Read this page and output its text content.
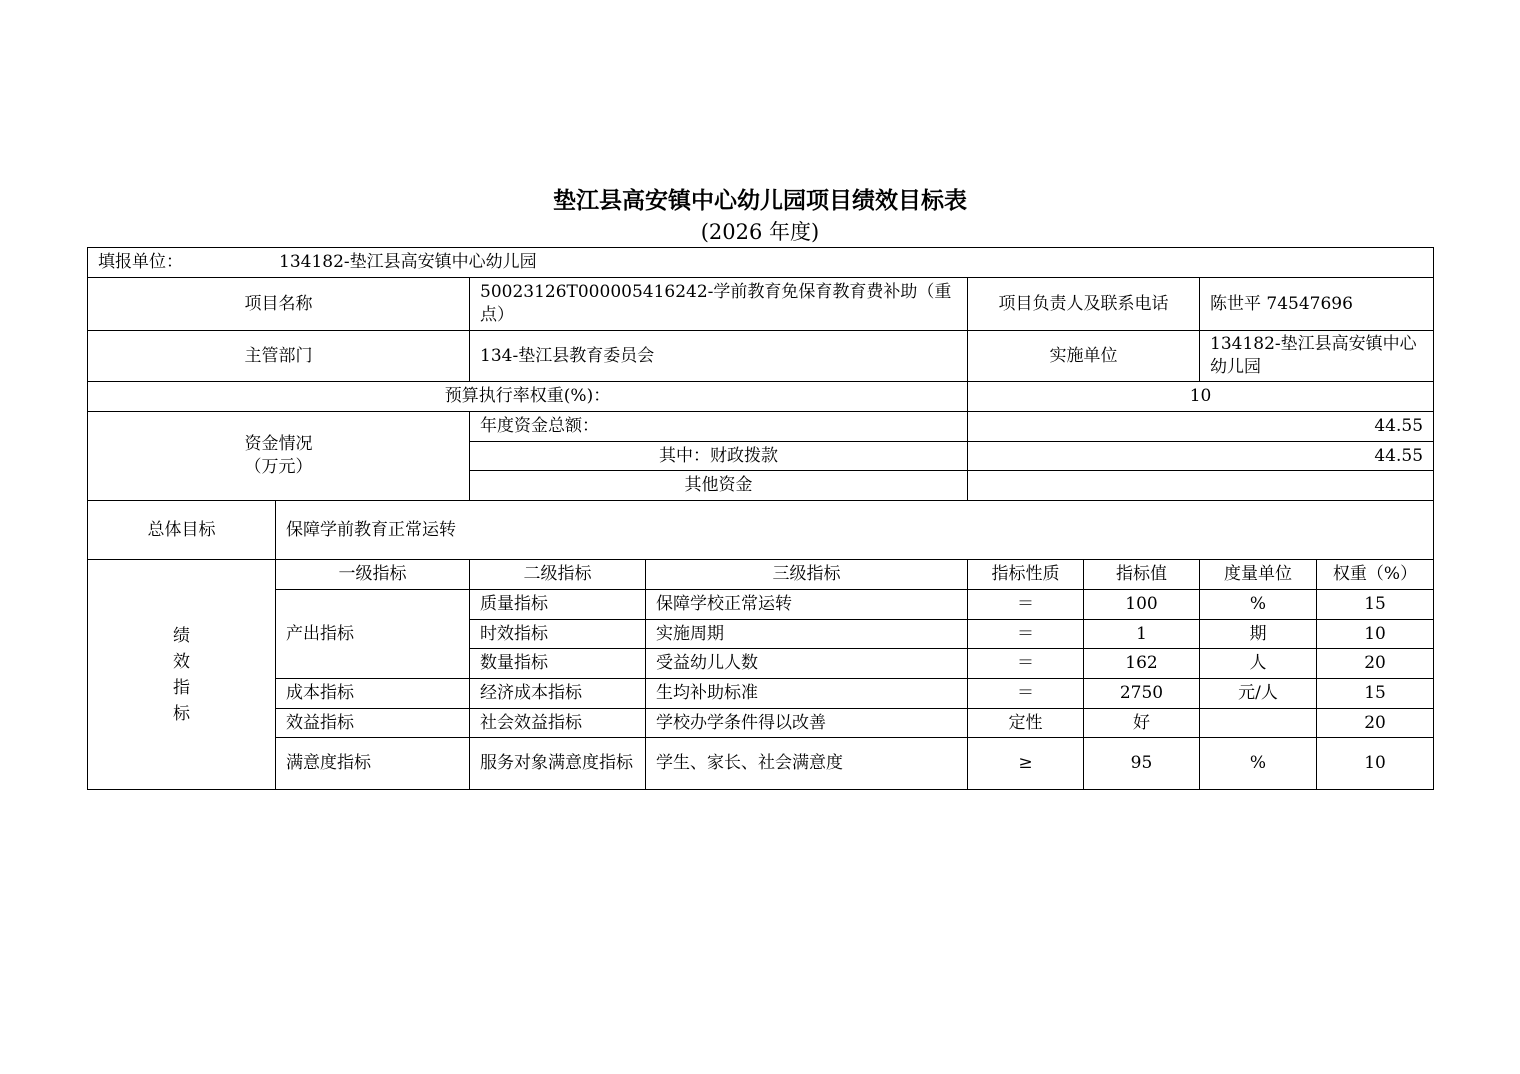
垫江县高安镇中心幼儿园项目绩效目标表
(2026 年度)
填报单位： 134182-垫江县高安镇中心幼儿园							
项目名称		50023126T000005416242-学前教育免保育教育费补助（重点）		项目负责人及联系电话		陈世平 74547696	
主管部门		134-垫江县教育委员会		实施单位		134182-垫江县高安镇中心幼儿园	
预算执行率权重(%)：				10			

资金情况
（万元）		年度资金总额：		44.55			
		其中：财政拨款		44.55			
		其他资金					
总体目标	保障学前教育正常运转						

绩
效
指
标	一级指标	二级指标	三级指标	指标性质	指标值	度量单位	权重（%）
	产出指标	质量指标	保障学校正常运转	＝	100	%	15
		时效指标	实施周期	＝	1	期	10
		数量指标	受益幼儿人数	＝	162	人	20
	成本指标	经济成本指标	生均补助标准	＝	2750	元/人	15
	效益指标	社会效益指标	学校办学条件得以改善	定性	好		20
	满意度指标	服务对象满意度指标	学生、家长、社会满意度	≥	95	%	10
